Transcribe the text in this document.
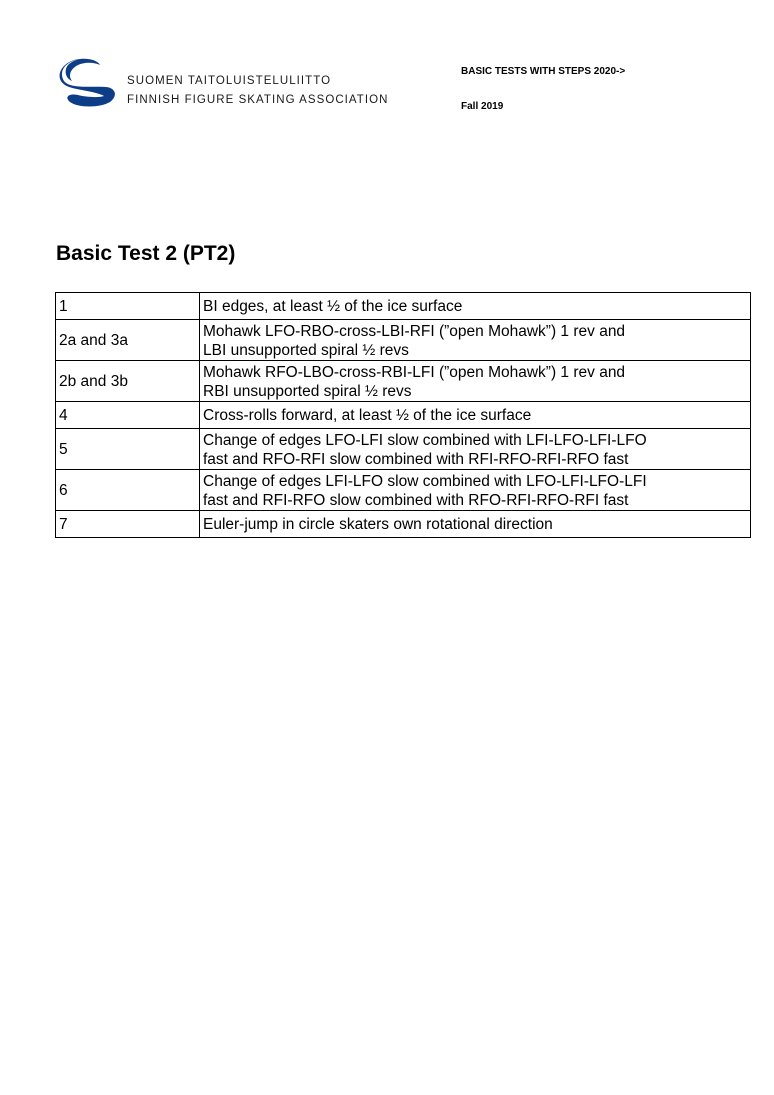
SUOMEN TAITOLUISTELULIITTO
FINNISH FIGURE SKATING ASSOCIATION
BASIC TESTS WITH STEPS 2020->
Fall 2019
Basic Test 2 (PT2)
1	BI edges, at least ½ of the ice surface
2a and 3a	Mohawk LFO-RBO-cross-LBI-RFI (”open Mohawk”) 1 rev and
LBI unsupported spiral ½ revs
2b and 3b	Mohawk RFO-LBO-cross-RBI-LFI (”open Mohawk”) 1 rev and
RBI unsupported spiral ½ revs
4	Cross-rolls forward, at least ½ of the ice surface
5	Change of edges LFO-LFI slow combined with LFI-LFO-LFI-LFO
fast and RFO-RFI slow combined with RFI-RFO-RFI-RFO fast
6	Change of edges LFI-LFO slow combined with LFO-LFI-LFO-LFI
fast and RFI-RFO slow combined with RFO-RFI-RFO-RFI fast
7	Euler-jump in circle skaters own rotational direction
